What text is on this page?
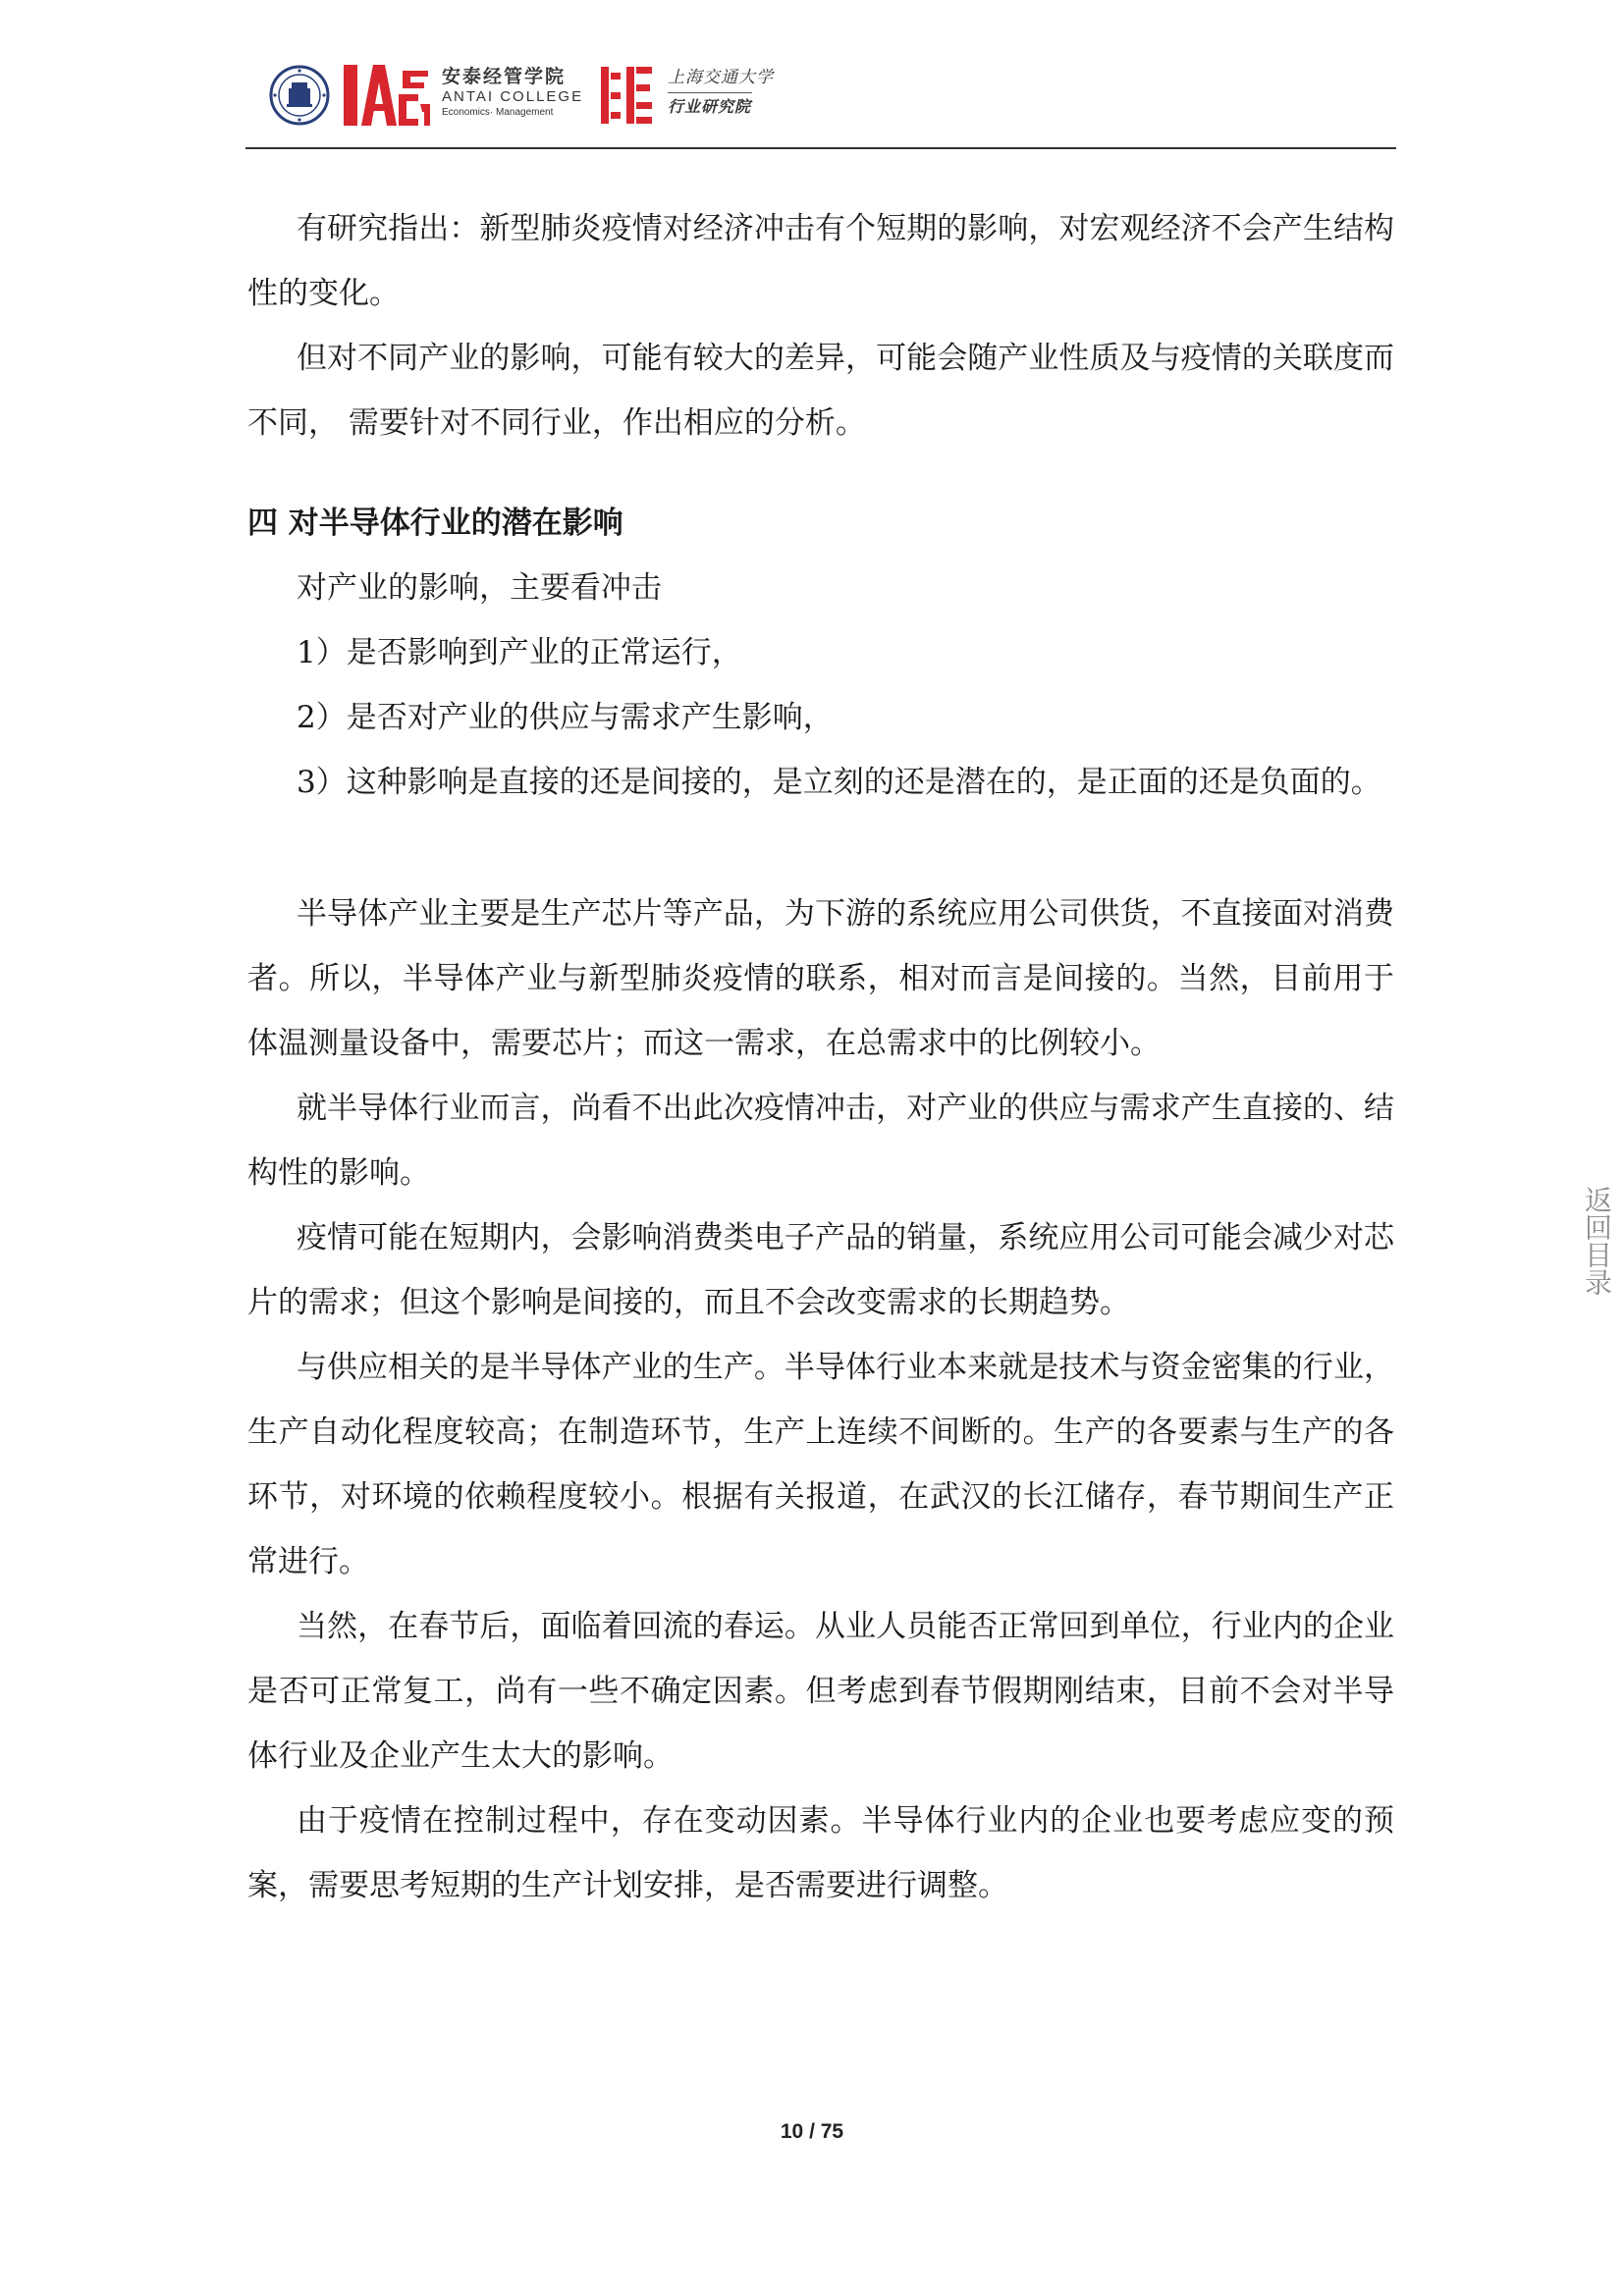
安泰经管学院
ANTAI COLLEGE
Economics· Management
上海交通大学
行业研究院

有研究指出：新型肺炎疫情对经济冲击有个短期的影响，对宏观经济不会产生结构性的变化。

但对不同产业的影响，可能有较大的差异，可能会随产业性质及与疫情的关联度而不同， 需要针对不同行业，作出相应的分析。

四 对半导体行业的潜在影响

对产业的影响，主要看冲击

1）是否影响到产业的正常运行，

2）是否对产业的供应与需求产生影响，

3）这种影响是直接的还是间接的，是立刻的还是潜在的，是正面的还是负面的。

半导体产业主要是生产芯片等产品，为下游的系统应用公司供货，不直接面对消费者。所以，半导体产业与新型肺炎疫情的联系，相对而言是间接的。当然，目前用于体温测量设备中，需要芯片；而这一需求，在总需求中的比例较小。

就半导体行业而言，尚看不出此次疫情冲击，对产业的供应与需求产生直接的、结构性的影响。

疫情可能在短期内，会影响消费类电子产品的销量，系统应用公司可能会减少对芯片的需求；但这个影响是间接的，而且不会改变需求的长期趋势。

与供应相关的是半导体产业的生产。半导体行业本来就是技术与资金密集的行业，生产自动化程度较高；在制造环节，生产上连续不间断的。生产的各要素与生产的各环节，对环境的依赖程度较小。根据有关报道，在武汉的长江储存，春节期间生产正常进行。

当然，在春节后，面临着回流的春运。从业人员能否正常回到单位，行业内的企业是否可正常复工，尚有一些不确定因素。但考虑到春节假期刚结束，目前不会对半导体行业及企业产生太大的影响。

由于疫情在控制过程中，存在变动因素。半导体行业内的企业也要考虑应变的预案，需要思考短期的生产计划安排，是否需要进行调整。

返回目录
10 / 75
